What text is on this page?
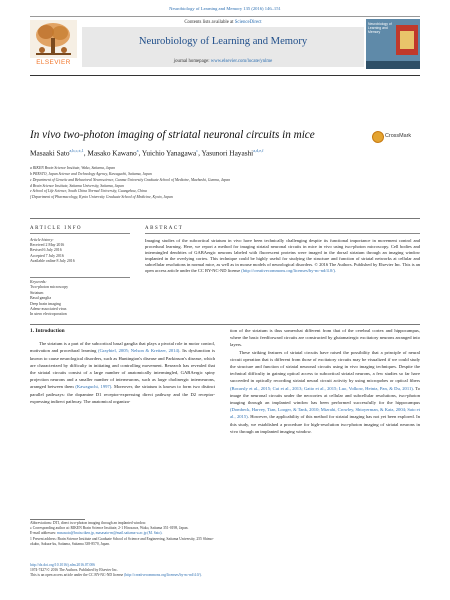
Neurobiology of Learning and Memory 135 (2016) 146–151
ELSEVIER
Contents lists available at ScienceDirect
Neurobiology of Learning and Memory
journal homepage: www.elsevier.com/locate/ynlme
Neurobiology of Learning and Memory
In vivo two-photon imaging of striatal neuronal circuits in mice	CrossMark
Masaaki Sato$^{a,b,c,⁎,1}$, Masako Kawano$^a$, Yuichio Yanagawa$^c$, Yasunori Hayashi$^{a,d,e,f}$
a RIKEN Brain Science Institute, Wako, Saitama, Japan
b PRESTO, Japan Science and Technology Agency, Kawaguchi, Saitama, Japan
c Department of Genetic and Behavioral Neuroscience, Gunma University Graduate School of Medicine, Maebashi, Gunma, Japan
d Brain Science Institute, Saitama University, Saitama, Japan
e School of Life Science, South China Normal University, Guangzhou, China
f Department of Pharmacology, Kyoto University Graduate School of Medicine, Kyoto, Japan
ARTICLE INFO	ABSTRACT
Article history:
Received 2 May 2016
Revised 6 July 2016
Accepted 7 July 2016
Available online 8 July 2016
Keywords:
Two-photon microscopy
Striatum
Basal ganglia
Deep brain imaging
Adeno-associated virus
In utero electroporation
Imaging studies of the subcortical striatum in vivo have been technically challenging despite its functional importance in movement control and procedural learning. Here, we report a method for imaging striatal neuronal circuits in mice in vivo using two-photon microscopy. Cell bodies and intermingled dendrites of GABAergic neurons labeled with fluorescent proteins were imaged in the dorsal striatum through an imaging window implanted in the overlying cortex. This technique could be highly useful for studying the structure and function of striatal networks at cellular and subcellular resolutions in normal mice, as well as in mouse models of neurological disorders. © 2016 The Authors. Published by Elsevier Inc. This is an open access article under the CC BY-NC-ND license (http://creativecommons.org/licenses/by-nc-nd/4.0/).
1. Introduction

The striatum is a part of the subcortical basal ganglia that plays a pivotal role in motor control, motivation and procedural learning (Graybiel, 2005; Nelson & Kreitzer, 2014). Its dysfunction is known to cause neurological disorders, such as Huntington's disease and Parkinson's disease, which are characterized by difficulty in initiating and controlling movement. Research has revealed that the striatal circuits consist of a large number of anatomically intermingled, GABAergic spiny projection neurons and a smaller number of interneurons, such as large cholinergic interneurons, arranged between them (Kawaguchi, 1997). Moreover, the striatum is known to form two distinct parallel pathways: the dopamine D1 receptor-expressing direct pathway and the D2 receptor-expressing indirect pathway. The anatomical organiza-

tion of the striatum is thus somewhat different from that of the cerebral cortex and hippocampus, where the basic feedforward circuits are constructed by glutamatergic excitatory neurons arranged into layers.

These striking features of striatal circuits have raised the possibility that a principle of neural circuit operation that is different from those of excitatory circuits may be visualized if we could study the structure and function of striatal neuronal circuits using in vivo imaging techniques. Despite the technical difficulty in gaining optical access to subcortical striatal neurons, a few studies so far have succeeded in optically recording striatal neural circuit activity by using micropobes or optical fibers (Bocarsly et al., 2015; Cui et al., 2013; Gatto et al., 2015; Luo, Volkow, Heintz, Pan, & Du, 2011). To image the neuronal circuits under the neocortex at cellular and subcellular resolutions, two-photon imaging through an implanted window has been performed successfully for the hippocampus (Dombeck, Harvey, Tian, Looger, & Tank, 2010; Mizrahi, Crowley, Shtoyerman, & Katz, 2004; Sato et al., 2015). However, the applicability of this method for striatal imaging has not yet been explored. In this study, we established a procedure for high-resolution two-photon imaging of striatal neurons in vivo through an implanted imaging window.

Abbreviations: DTI, direct two-photon imaging through an implanted window.
⁎ Corresponding author at: RIKEN Brain Science Institute, 2-1 Hirosawa, Wako, Saitama 351-0198, Japan.
E-mail addresses: masasato@brain.riken.jp, masasato-m@mail.saitama-u.ac.jp (M. Sato).
1 Present address: Brain Science Institute and Graduate School of Science and Engineering, Saitama University, 255 Shimo-okubo, Sakura-ku, Saitama, Saitama 338-8570, Japan.
http://dx.doi.org/10.1016/j.nlm.2016.07.006
1074-7427/© 2016 The Authors. Published by Elsevier Inc.
This is an open access article under the CC BY-NC-ND license (http://creativecommons.org/licenses/by-nc-nd/4.0/).
